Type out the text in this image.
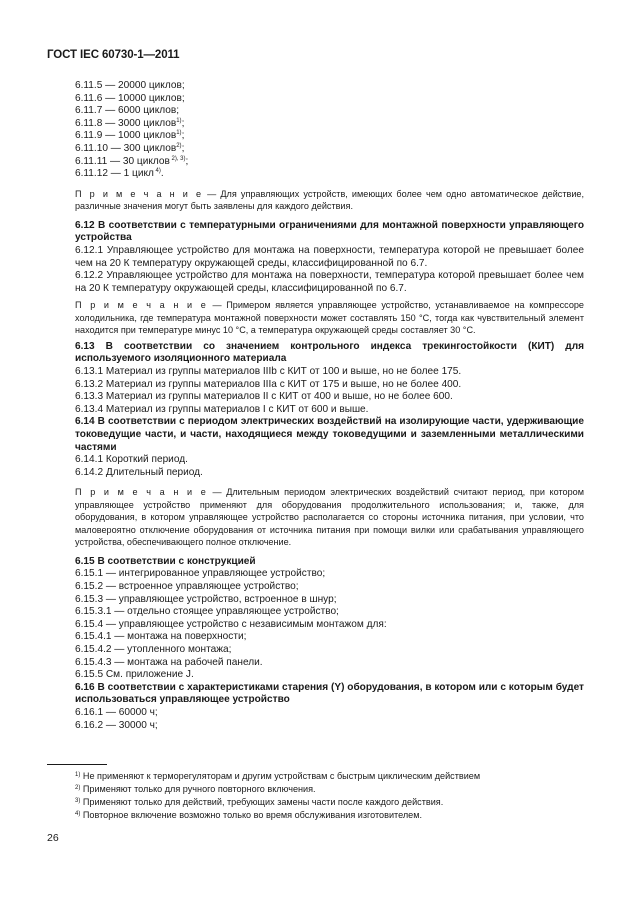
ГОСТ IEC 60730-1—2011

6.11.5 — 20000 циклов;

6.11.6 — 10000 циклов;

6.11.7 — 6000 циклов;

6.11.8 — 3000 циклов$^{1)}$;

6.11.9 — 1000 циклов$^{1)}$;

6.11.10 — 300 циклов$^{2)}$;

6.11.11 — 30 циклов $^{2), 3)}$;

6.11.12 — 1 цикл $^{4)}$.

П р и м е ч а н и е — Для управляющих устройств, имеющих более чем одно автоматическое действие, различные значения могут быть заявлены для каждого действия.

6.12 В соответствии с температурными ограничениями для монтажной поверхности управляющего устройства

6.12.1 Управляющее устройство для монтажа на поверхности, температура которой не превышает более чем на 20 К температуру окружающей среды, классифицированной по 6.7.

6.12.2 Управляющее устройство для монтажа на поверхности, температура которой превышает более чем на 20 К температуру окружающей среды, классифицированной по 6.7.

П р и м е ч а н и е — Примером является управляющее устройство, устанавливаемое на компрессоре холодильника, где температура монтажной поверхности может составлять 150 °С, тогда как чувствительный элемент находится при температуре минус 10 °С, а температура окружающей среды составляет 30 °С.

6.13 В соответствии со значением контрольного индекса трекингостойкости (КИТ) для используемого изоляционного материала

6.13.1 Материал из группы материалов IIIb с КИТ от 100 и выше, но не более 175.

6.13.2 Материал из группы материалов IIIa с КИТ от 175 и выше, но не более 400.

6.13.3 Материал из группы материалов II с КИТ от 400 и выше, но не более 600.

6.13.4 Материал из группы материалов I с КИТ от 600 и выше.

6.14 В соответствии с периодом электрических воздействий на изолирующие части, удерживающие токоведущие части, и части, находящиеся между токоведущими и заземленными металлическими частями

6.14.1 Короткий период.

6.14.2 Длительный период.

П р и м е ч а н и е — Длительным периодом электрических воздействий считают период, при котором управляющее устройство применяют для оборудования продолжительного использования; и, также, для оборудования, в котором управляющее устройство располагается со стороны источника питания, при условии, что маловероятно отключение оборудования от источника питания при помощи вилки или срабатывания управляющего устройства, обеспечивающего полное отключение.

6.15 В соответствии с конструкцией

6.15.1 — интегрированное управляющее устройство;

6.15.2 — встроенное управляющее устройство;

6.15.3 — управляющее устройство, встроенное в шнур;

6.15.3.1 — отдельно стоящее управляющее устройство;

6.15.4 — управляющее устройство с независимым монтажом для:

6.15.4.1 — монтажа на поверхности;

6.15.4.2 — утопленного монтажа;

6.15.4.3 — монтажа на рабочей панели.

6.15.5 См. приложение J.

6.16 В соответствии с характеристиками старения (Y) оборудования, в котором или с которым будет использоваться управляющее устройство

6.16.1 — 60000 ч;

6.16.2 — 30000 ч;

$^{1)}$ Не применяют к терморегуляторам и другим устройствам с быстрым циклическим действием
$^{2)}$ Применяют только для ручного повторного включения.
$^{3)}$ Применяют только для действий, требующих замены части после каждого действия.
$^{4)}$ Повторное включение возможно только во время обслуживания изготовителем.
26
